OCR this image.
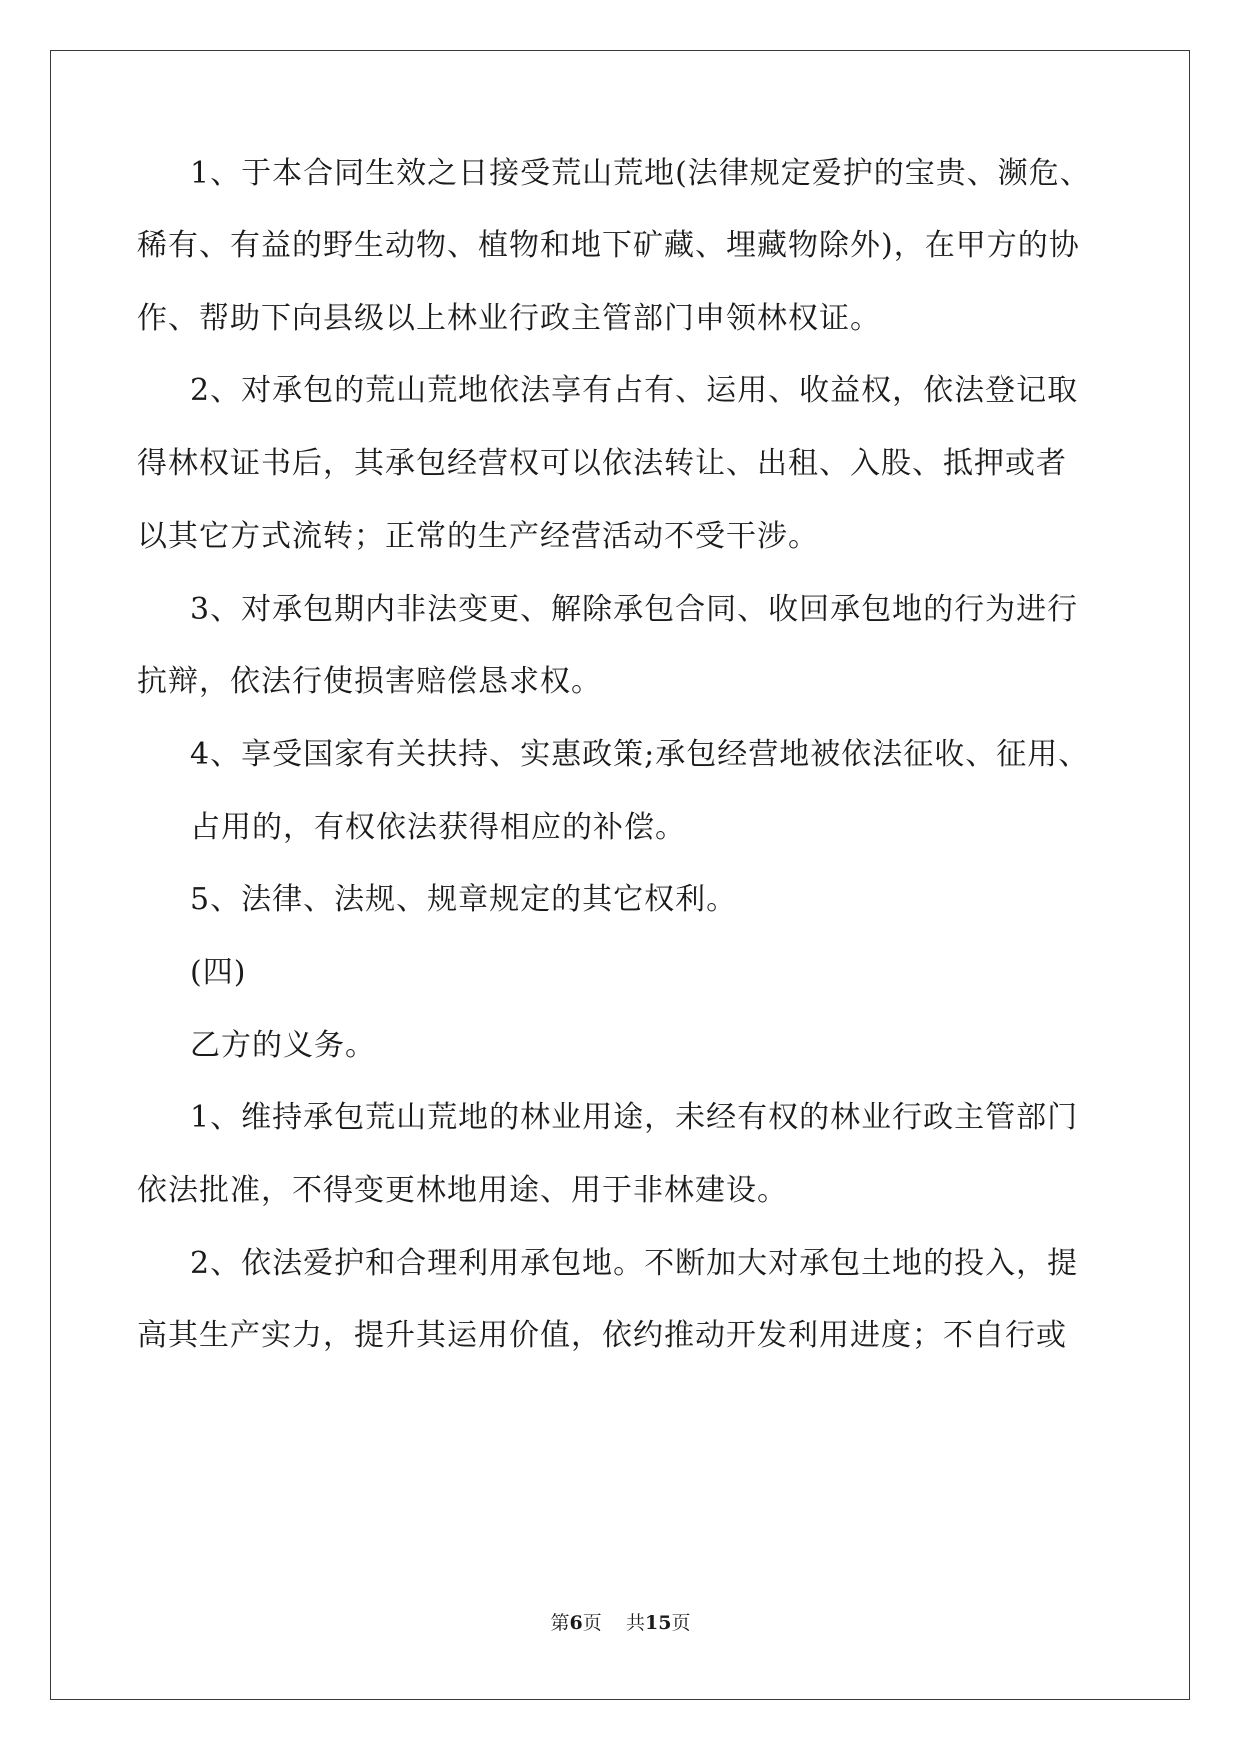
1、于本合同生效之日接受荒山荒地(法律规定爱护的宝贵、濒危、
稀有、有益的野生动物、植物和地下矿藏、埋藏物除外)，在甲方的协
作、帮助下向县级以上林业行政主管部门申领林权证。
2、对承包的荒山荒地依法享有占有、运用、收益权，依法登记取
得林权证书后，其承包经营权可以依法转让、出租、入股、抵押或者
以其它方式流转；正常的生产经营活动不受干涉。
3、对承包期内非法变更、解除承包合同、收回承包地的行为进行
抗辩，依法行使损害赔偿恳求权。
4、享受国家有关扶持、实惠政策;承包经营地被依法征收、征用、
占用的，有权依法获得相应的补偿。
5、法律、法规、规章规定的其它权利。
(四)
乙方的义务。
1、维持承包荒山荒地的林业用途，未经有权的林业行政主管部门
依法批准，不得变更林地用途、用于非林建设。
2、依法爱护和合理利用承包地。不断加大对承包土地的投入，提
高其生产实力，提升其运用价值，依约推动开发利用进度；不自行或
第6页 共15页
